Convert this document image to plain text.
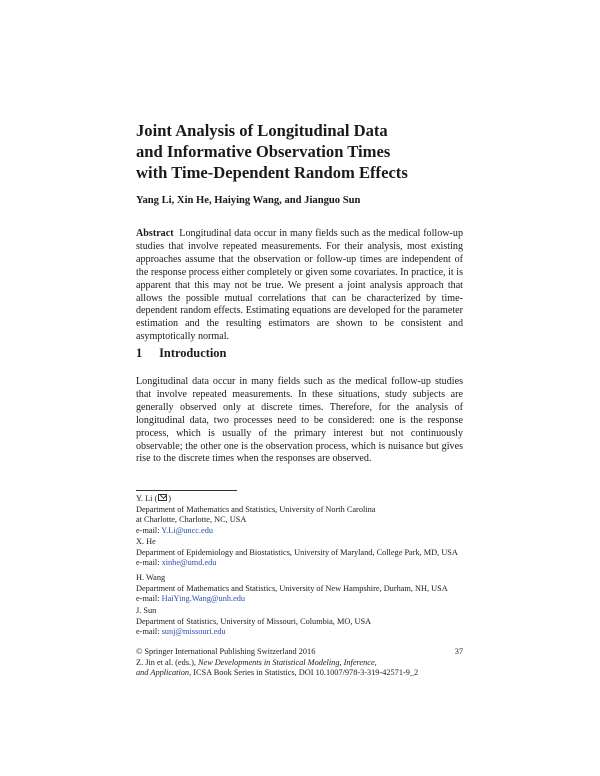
Joint Analysis of Longitudinal Data
and Informative Observation Times
with Time-Dependent Random Effects
Yang Li, Xin He, Haiying Wang, and Jianguo Sun
Abstract Longitudinal data occur in many fields such as the medical follow-up studies that involve repeated measurements. For their analysis, most existing approaches assume that the observation or follow-up times are independent of the response process either completely or given some covariates. In practice, it is apparent that this may not be true. We present a joint analysis approach that allows the possible mutual correlations that can be characterized by time-dependent random effects. Estimating equations are developed for the parameter estimation and the resulting estimators are shown to be consistent and asymptotically normal.
1 Introduction
Longitudinal data occur in many fields such as the medical follow-up studies that involve repeated measurements. In these situations, study subjects are generally observed only at discrete times. Therefore, for the analysis of longitudinal data, two processes need to be considered: one is the response process, which is usually of the primary interest but not continuously observable; the other one is the observation process, which is nuisance but gives rise to the discrete times when the responses are observed.
Y. Li ( )
Department of Mathematics and Statistics, University of North Carolina
at Charlotte, Charlotte, NC, USA
e-mail: Y.Li@uncc.edu
X. He
Department of Epidemiology and Biostatistics, University of Maryland, College Park, MD, USA
e-mail: xinhe@umd.edu
H. Wang
Department of Mathematics and Statistics, University of New Hampshire, Durham, NH, USA
e-mail: HaiYing.Wang@unh.edu
J. Sun
Department of Statistics, University of Missouri, Columbia, MO, USA
e-mail: sunj@missouri.edu
© Springer International Publishing Switzerland 2016	37
Z. Jin et al. (eds.), New Developments in Statistical Modeling, Inference,
and Application, ICSA Book Series in Statistics, DOI 10.1007/978-3-319-42571-9_2
